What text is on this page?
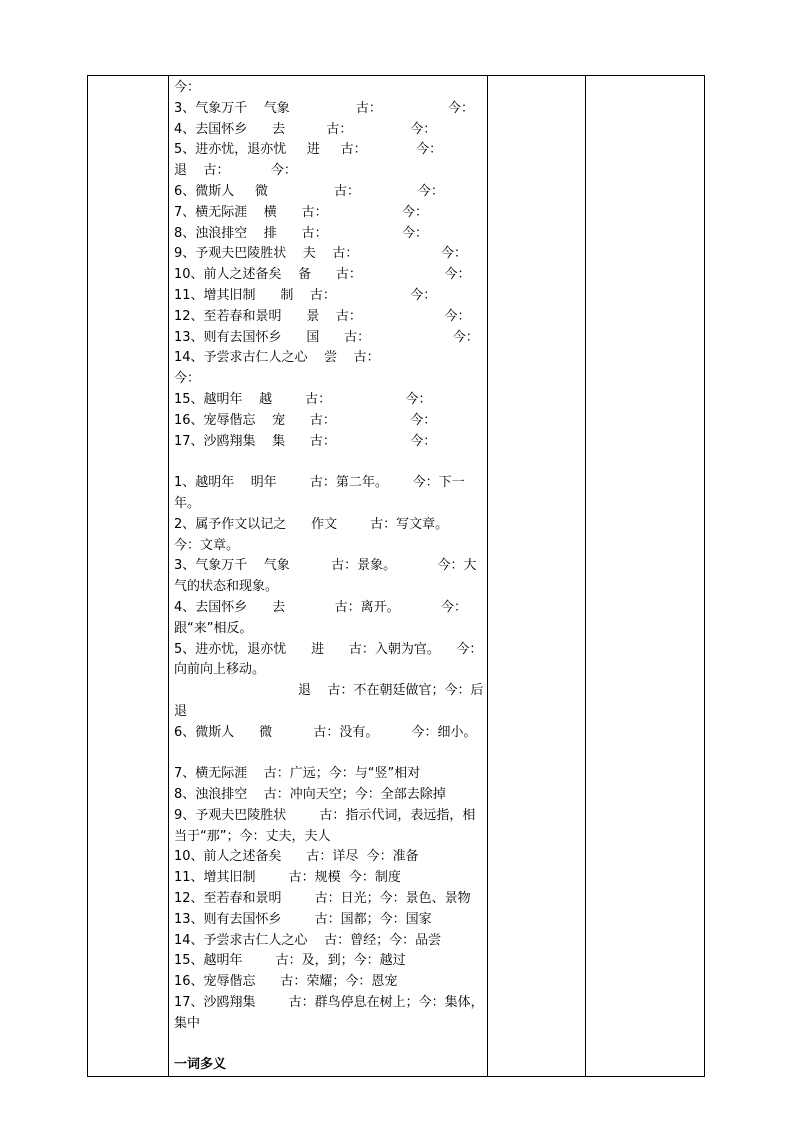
今：
3、气象万千    气象                古：                今：
4、去国怀乡      去          古：              今：
5、进亦忧，退亦忧     进     古：            今：
退    古：          今：
6、微斯人     微                古：              今：
7、横无际涯    横      古：                  今：
8、浊浪排空    排      古：                  今：
9、予观夫巴陵胜状    夫    古：                    今：
10、前人之述备矣    备      古：                    今：
11、增其旧制      制    古：                  今：
12、至若春和景明      景    古：                    今：
13、则有去国怀乡      国      古：                    今：
14、予尝求古仁人之心    尝    古：
今：
15、越明年    越        古：                  今：
16、宠辱偕忘    宠      古：                  今：
17、沙鸥翔集    集      古：                  今：
1、越明年    明年        古：第二年。      今：下一年。
2、属予作文以记之      作文        古：写文章。
今：文章。
3、气象万千    气象          古：景象。          今：大气的状态和现象。
4、去国怀乡      去            古：离开。          今：跟“来”相反。
5、进亦忧，退亦忧      进      古：入朝为官。    今：向前向上移动。
退    古：不在朝廷做官；今：后退
6、微斯人      微          古：没有。        今：细小。
7、横无际涯    古：广远；今：与“竖”相对
8、浊浪排空    古：冲向天空；今：全部去除掉
9、予观夫巴陵胜状        古：指示代词，表远指，相当于“那”；今：丈夫，夫人
10、前人之述备矣      古：详尽  今：准备
11、增其旧制        古：规模  今：制度
12、至若春和景明        古：日光；今：景色、景物
13、则有去国怀乡        古：国都；今：国家
14、予尝求古仁人之心    古：曾经；今：品尝
15、越明年        古：及，到；今：越过
16、宠辱偕忘      古：荣耀；今：恩宠
17、沙鸥翔集        古：群鸟停息在树上；今：集体，集中
一词多义
